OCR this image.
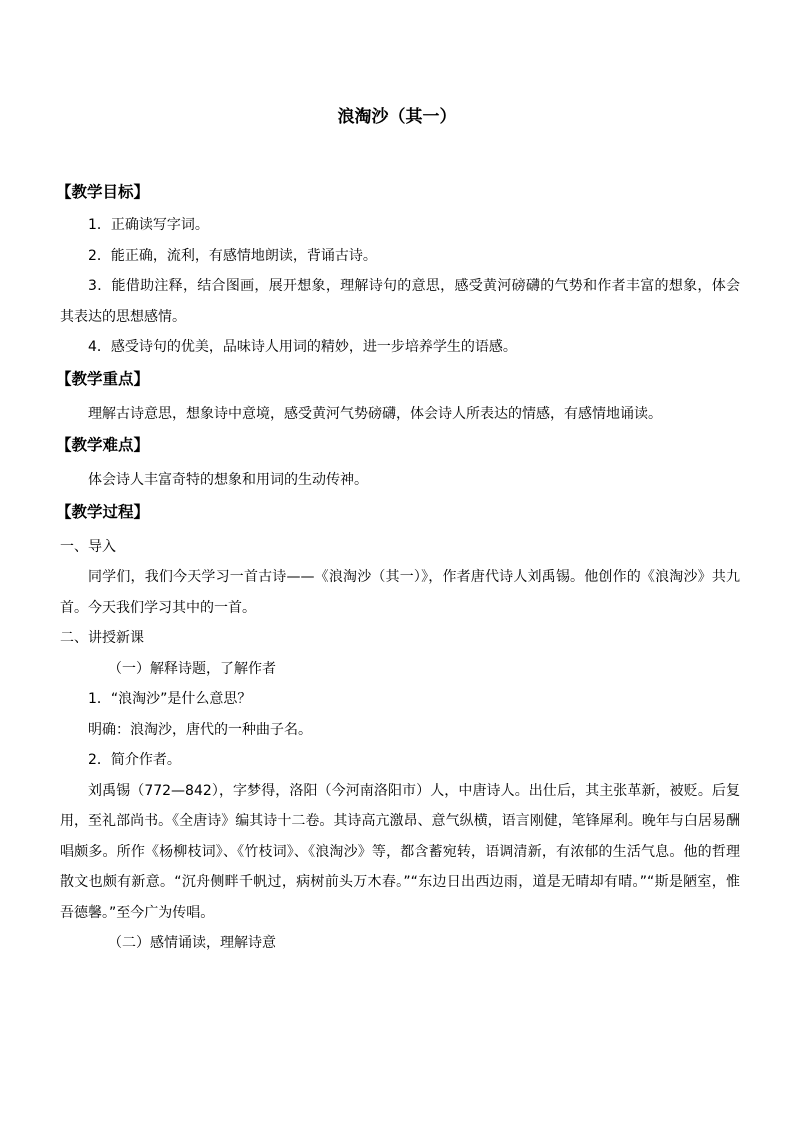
浪淘沙（其一）
【教学目标】

1．正确读写字词。

2．能正确，流利，有感情地朗读，背诵古诗。

3．能借助注释，结合图画，展开想象，理解诗句的意思，感受黄河磅礴的气势和作者丰富的想象，体会其表达的思想感情。

4．感受诗句的优美，品味诗人用词的精妙，进一步培养学生的语感。

【教学重点】

理解古诗意思，想象诗中意境，感受黄河气势磅礴，体会诗人所表达的情感，有感情地诵读。

【教学难点】

体会诗人丰富奇特的想象和用词的生动传神。

【教学过程】

一、导入

同学们，我们今天学习一首古诗——《浪淘沙（其一）》，作者唐代诗人刘禹锡。他创作的《浪淘沙》共九首。今天我们学习其中的一首。

二、讲授新课

（一）解释诗题，了解作者

1．“浪淘沙”是什么意思？

明确：浪淘沙，唐代的一种曲子名。

2．简介作者。

刘禹锡（772—842），字梦得，洛阳（今河南洛阳市）人，中唐诗人。出仕后，其主张革新，被贬。后复用，至礼部尚书。《全唐诗》编其诗十二卷。其诗高亢激昂、意气纵横，语言刚健，笔锋犀利。晚年与白居易酬唱颇多。所作《杨柳枝词》、《竹枝词》、《浪淘沙》等，都含蓄宛转，语调清新，有浓郁的生活气息。他的哲理散文也颇有新意。“沉舟侧畔千帆过，病树前头万木春。”“东边日出西边雨，道是无晴却有晴。”“斯是陋室，惟吾德馨。”至今广为传唱。

（二）感情诵读，理解诗意
